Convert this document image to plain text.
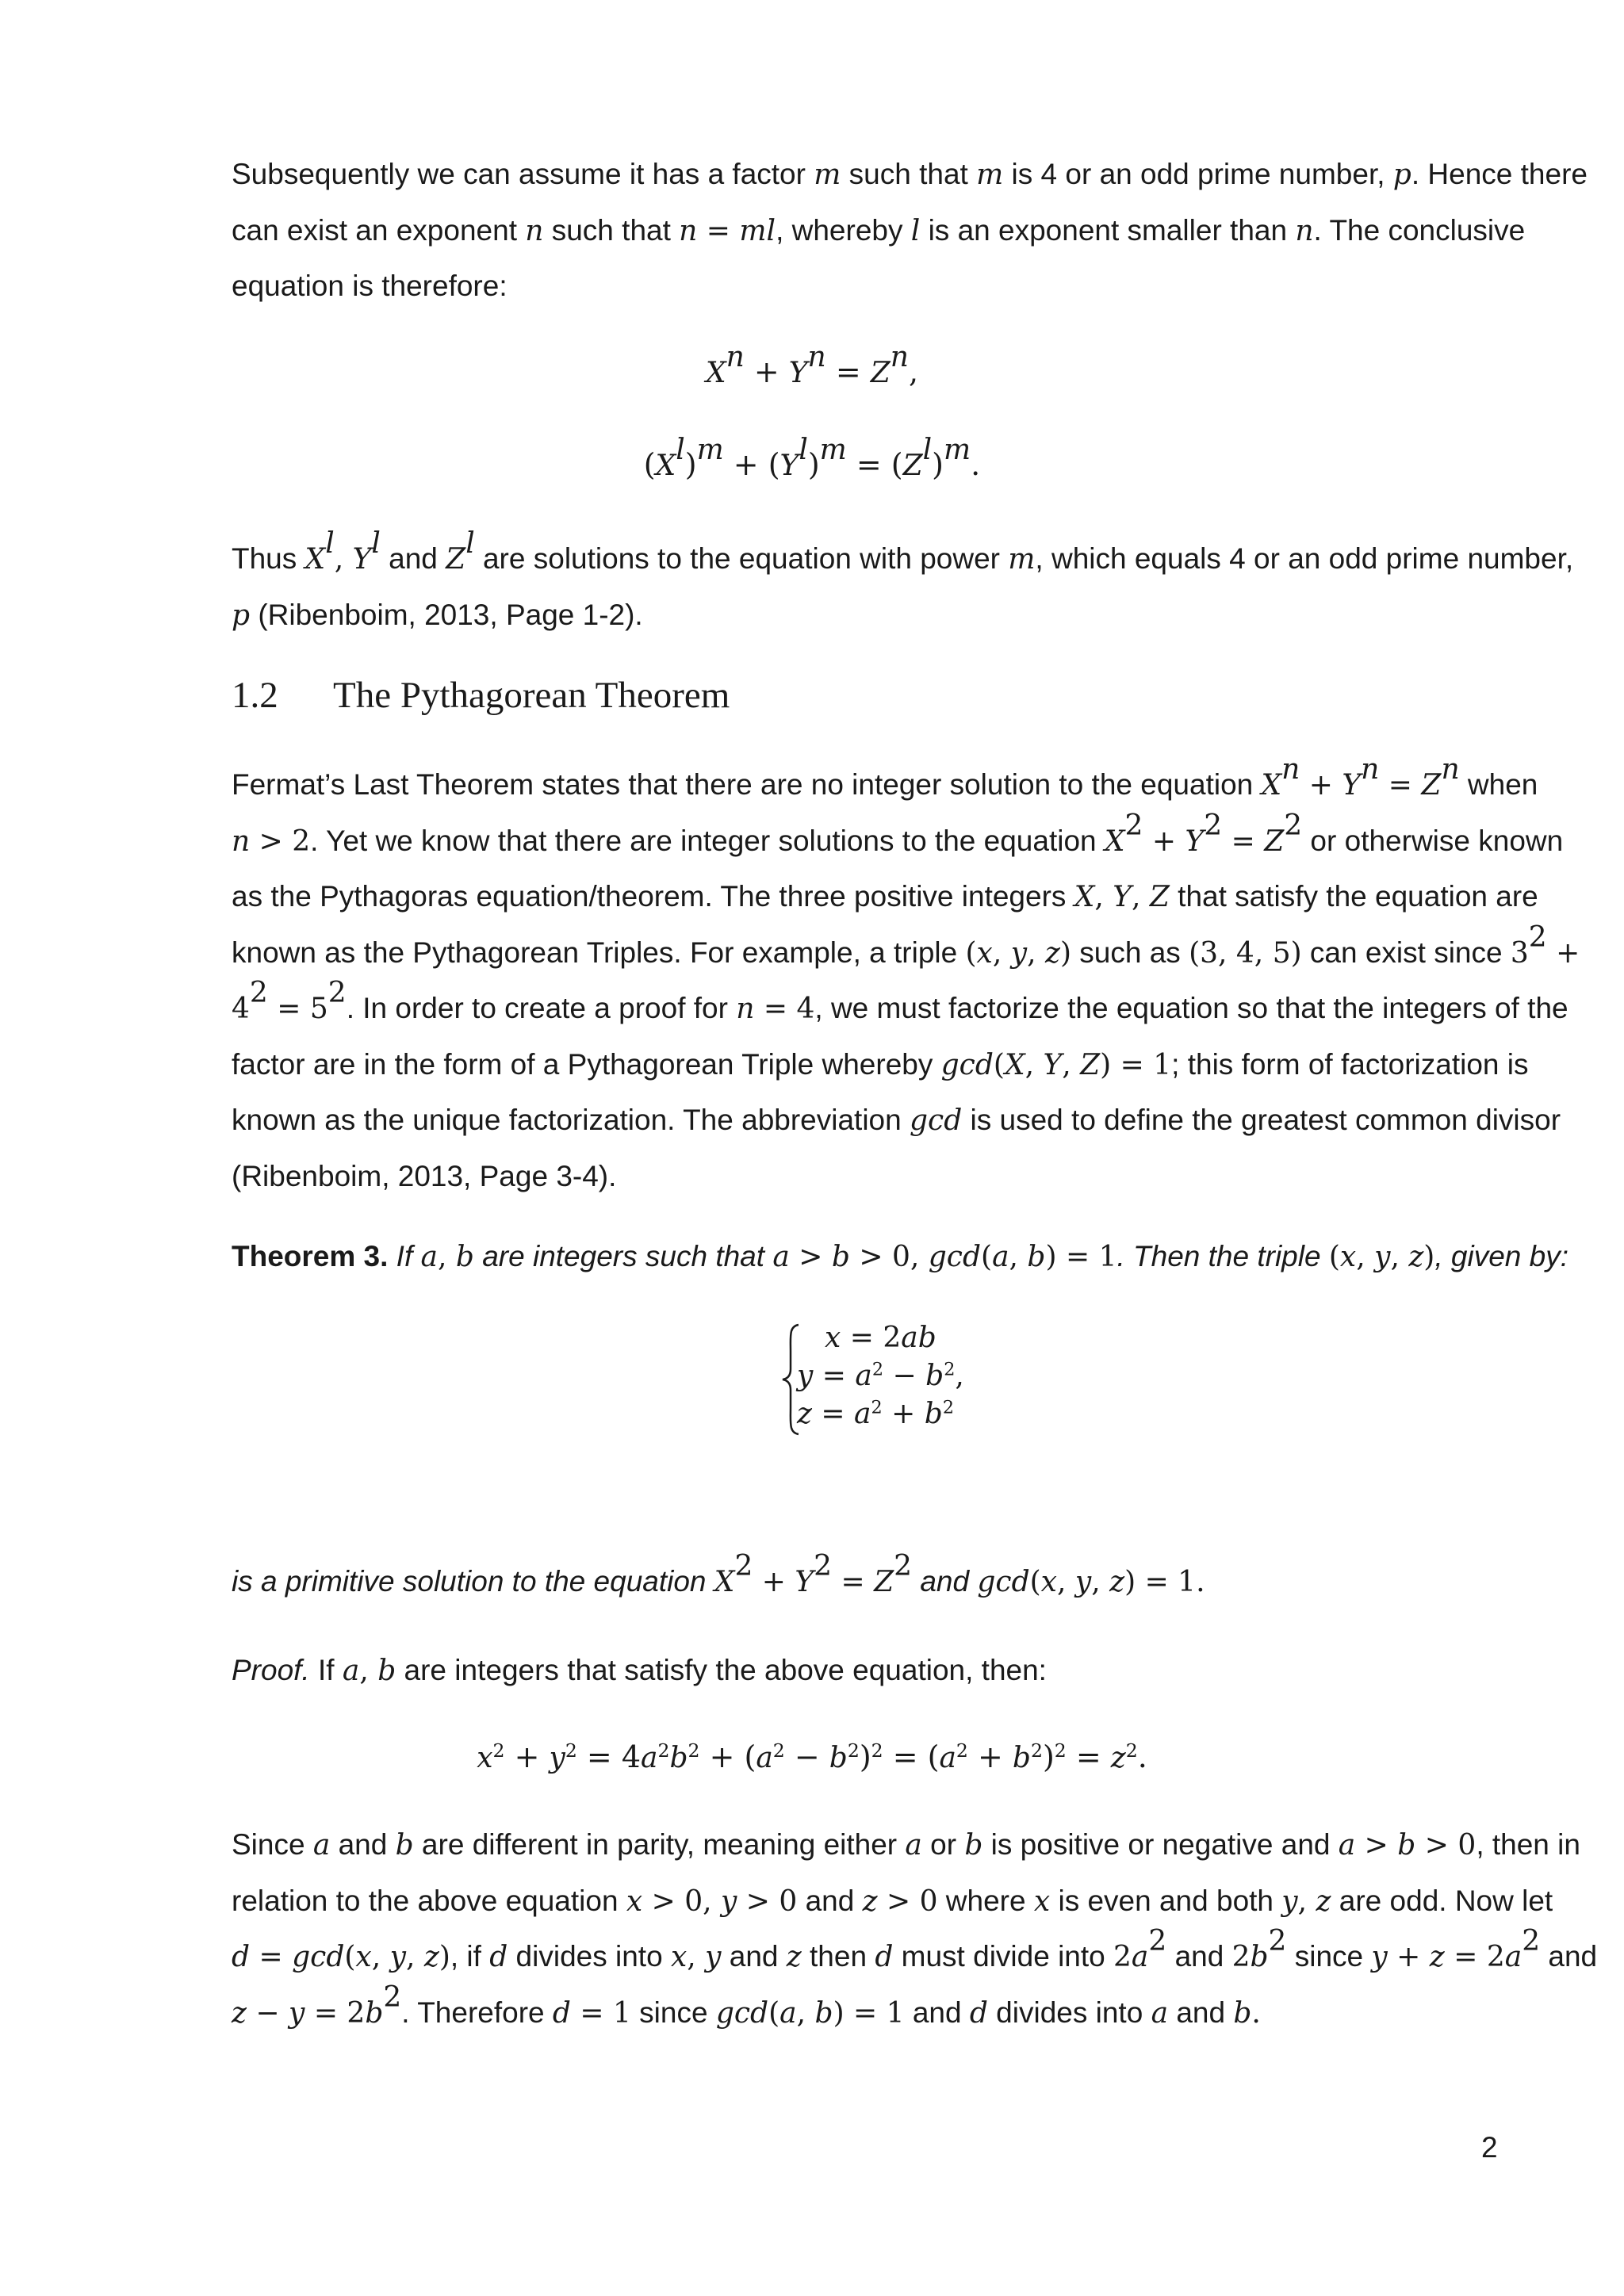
Subsequently we can assume it has a factor m such that m is 4 or an odd prime number, p. Hence there
can exist an exponent n such that n = ml, whereby l is an exponent smaller than n. The conclusive
equation is therefore:
$X^n + Y^n = Z^n$,
$(X^l)^m + (Y^l)^m = (Z^l)^m$.
Thus $X^l$, $Y^l$ and $Z^l$ are solutions to the equation with power m, which equals 4 or an odd prime number,
p (Ribenboim, 2013, Page 1-2).
1.2 The Pythagorean Theorem
Fermat’s Last Theorem states that there are no integer solution to the equation $X^n + Y^n = Z^n$ when
n > 2. Yet we know that there are integer solutions to the equation $X^2 + Y^2 = Z^2$ or otherwise known
as the Pythagoras equation/theorem. The three positive integers X, Y, Z that satisfy the equation are
known as the Pythagorean Triples. For example, a triple (x, y, z) such as (3, 4, 5) can exist since $3^2$ +
$4^2 = 5^2$. In order to create a proof for n = 4, we must factorize the equation so that the integers of the
factor are in the form of a Pythagorean Triple whereby gcd(X, Y, Z) = 1; this form of factorization is
known as the unique factorization. The abbreviation gcd is used to define the greatest common divisor
(Ribenboim, 2013, Page 3-4).
Theorem 3. If a, b are integers such that a > b > 0, gcd(a, b) = 1. Then the triple (x, y, z), given by:
x = 2ab
$y = a^2 - b^2$,
$z = a^2 + b^2$
is a primitive solution to the equation $X^2 + Y^2 = Z^2$ and gcd(x, y, z) = 1.
Proof. If a, b are integers that satisfy the above equation, then:
$x^2 + y^2 = 4a^2b^2 + (a^2 - b^2)^2 = (a^2 + b^2)^2 = z^2$.
Since a and b are different in parity, meaning either a or b is positive or negative and a > b > 0, then in
relation to the above equation x > 0, y > 0 and z > 0 where x is even and both y, z are odd. Now let
d = gcd(x, y, z), if d divides into x, y and z then d must divide into $2a^2$ and $2b^2$ since $y + z = 2a^2$ and
$z - y = 2b^2$. Therefore d = 1 since gcd(a, b) = 1 and d divides into a and b.
2
